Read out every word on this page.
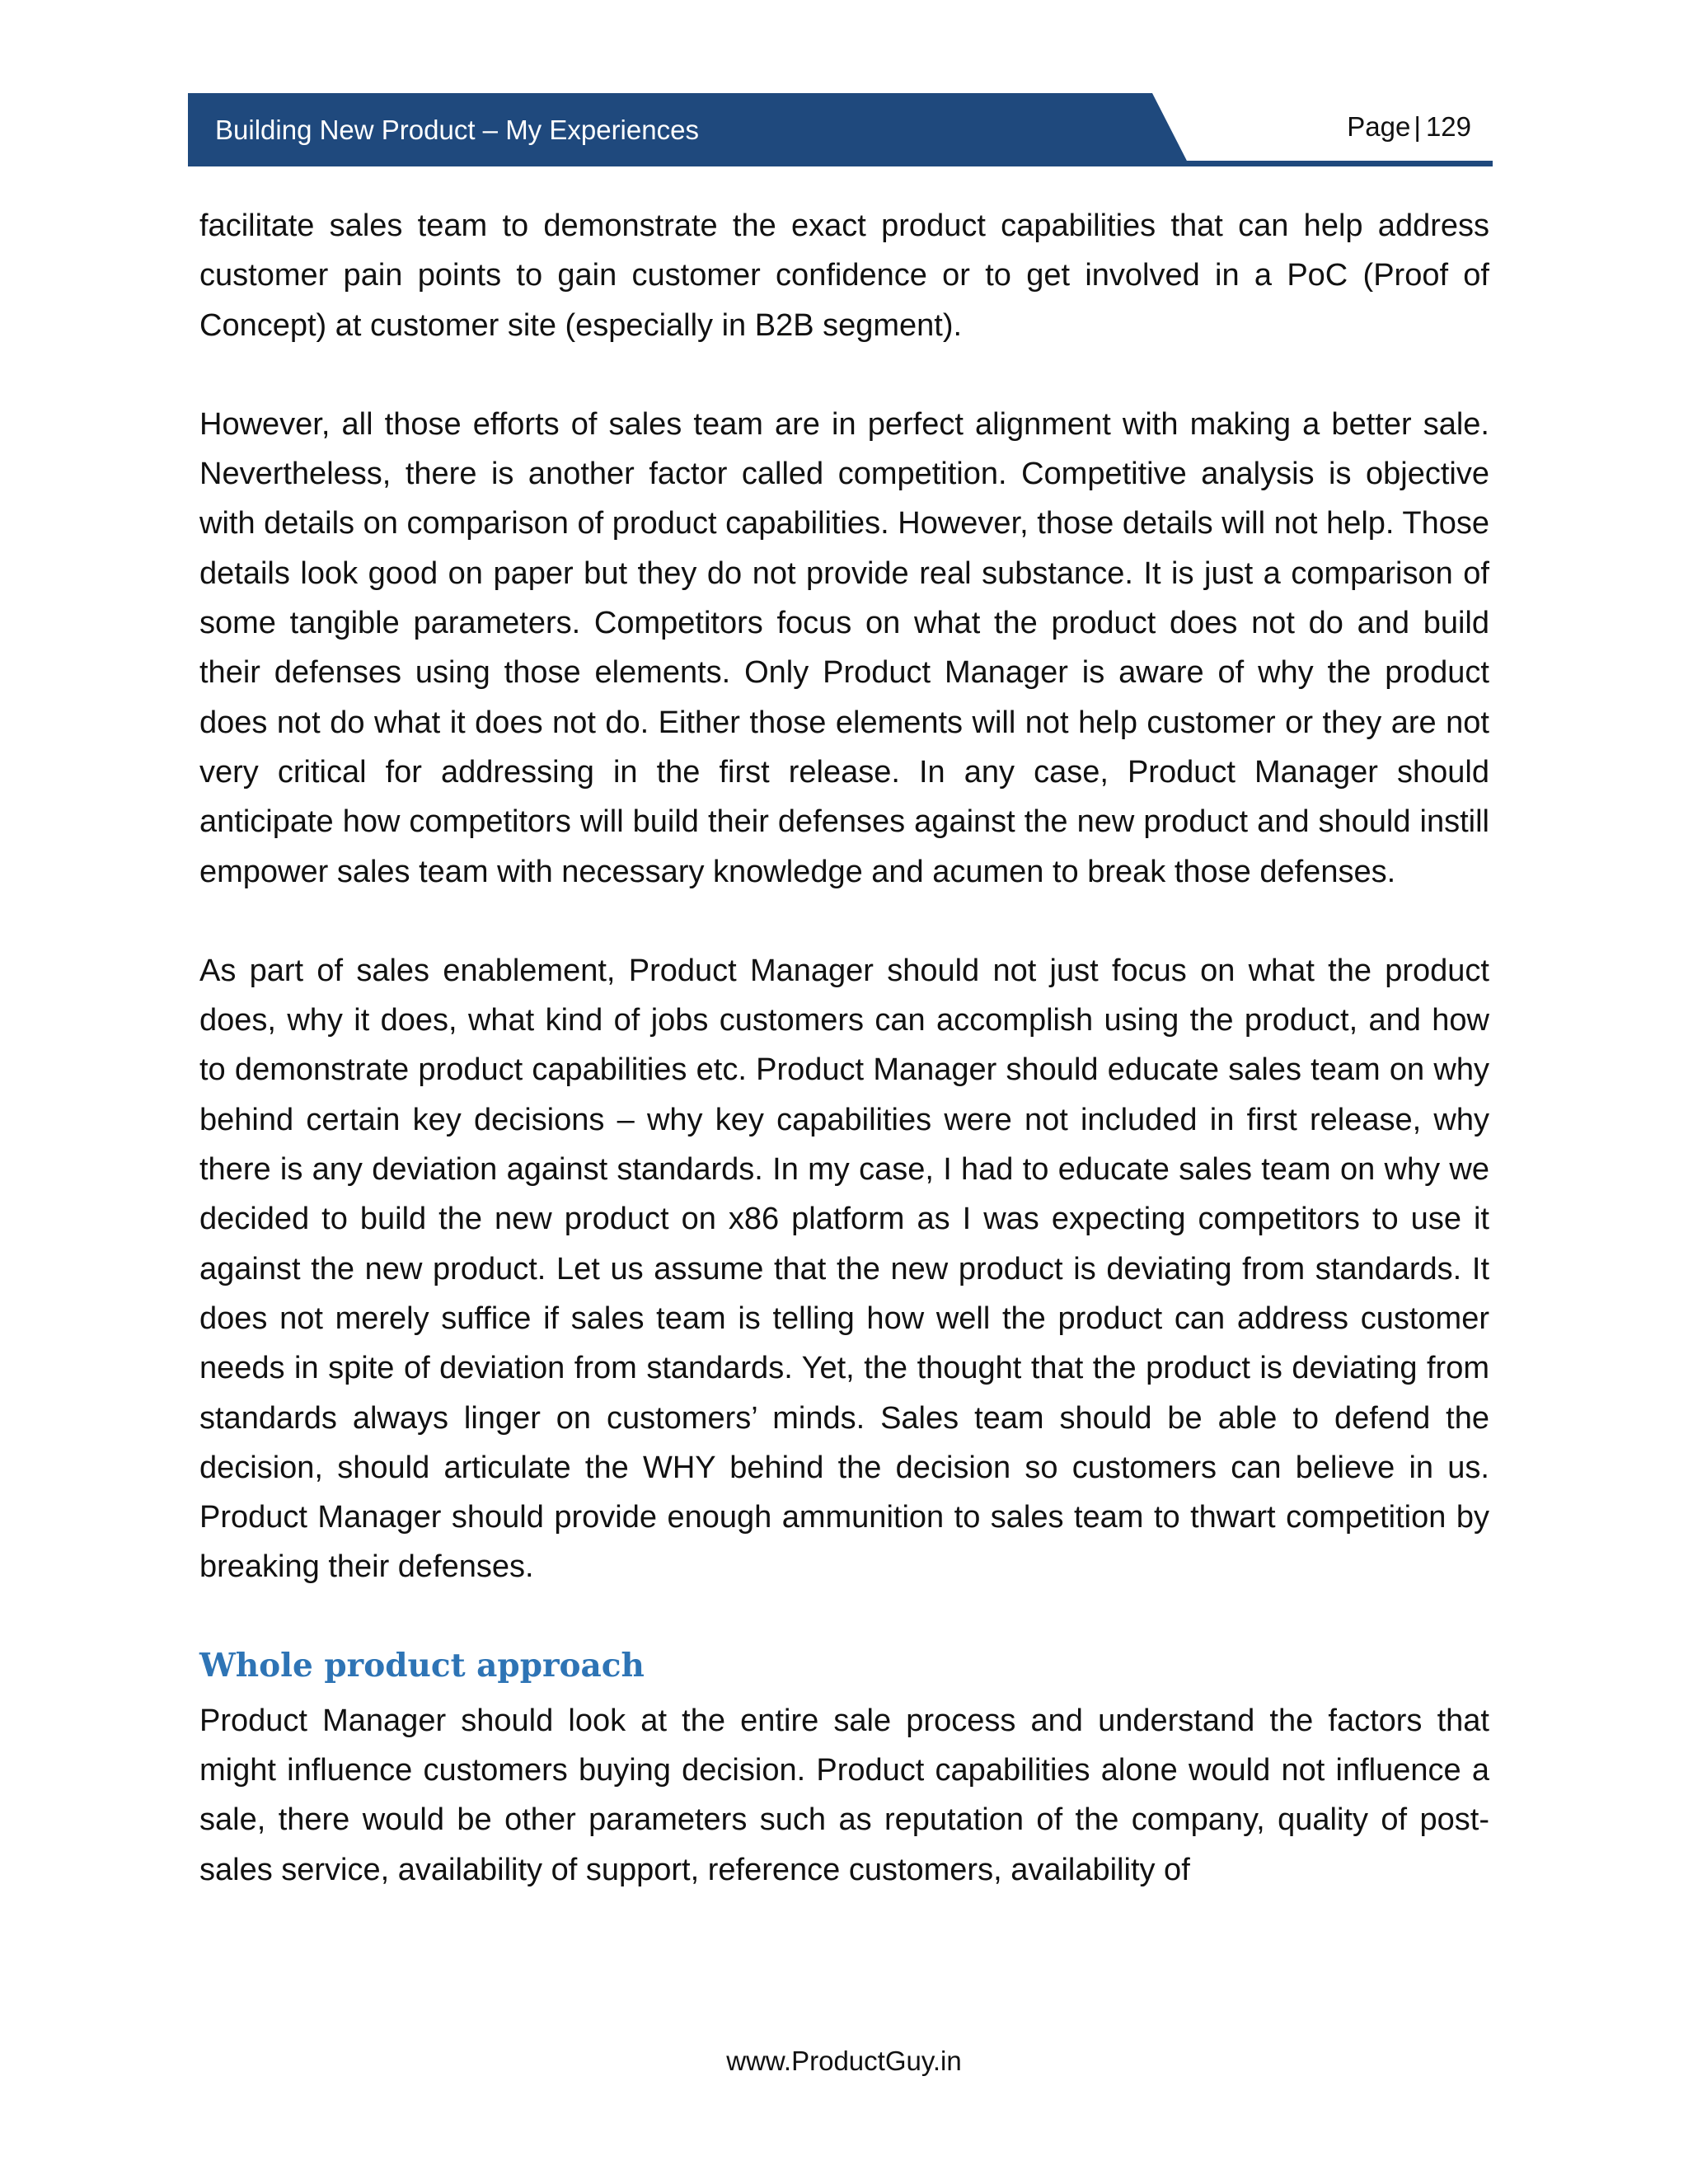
Building New Product – My Experiences	Page | 129

facilitate sales team to demonstrate the exact product capabilities that can help address customer pain points to gain customer confidence or to get involved in a PoC (Proof of Concept) at customer site (especially in B2B segment).

However, all those efforts of sales team are in perfect alignment with making a better sale. Nevertheless, there is another factor called competition. Competitive analysis is objective with details on comparison of product capabilities. However, those details will not help. Those details look good on paper but they do not provide real substance. It is just a comparison of some tangible parameters. Competitors focus on what the product does not do and build their defenses using those elements. Only Product Manager is aware of why the product does not do what it does not do. Either those elements will not help customer or they are not very critical for addressing in the first release. In any case, Product Manager should anticipate how competitors will build their defenses against the new product and should instill empower sales team with necessary knowledge and acumen to break those defenses.

As part of sales enablement, Product Manager should not just focus on what the product does, why it does, what kind of jobs customers can accomplish using the product, and how to demonstrate product capabilities etc. Product Manager should educate sales team on why behind certain key decisions – why key capabilities were not included in first release, why there is any deviation against standards. In my case, I had to educate sales team on why we decided to build the new product on x86 platform as I was expecting competitors to use it against the new product. Let us assume that the new product is deviating from standards. It does not merely suffice if sales team is telling how well the product can address customer needs in spite of deviation from standards. Yet, the thought that the product is deviating from standards always linger on customers’ minds. Sales team should be able to defend the decision, should articulate the WHY behind the decision so customers can believe in us. Product Manager should provide enough ammunition to sales team to thwart competition by breaking their defenses.

Whole product approach

Product Manager should look at the entire sale process and understand the factors that might influence customers buying decision. Product capabilities alone would not influence a sale, there would be other parameters such as reputation of the company, quality of post-sales service, availability of support, reference customers, availability of

www.ProductGuy.in
